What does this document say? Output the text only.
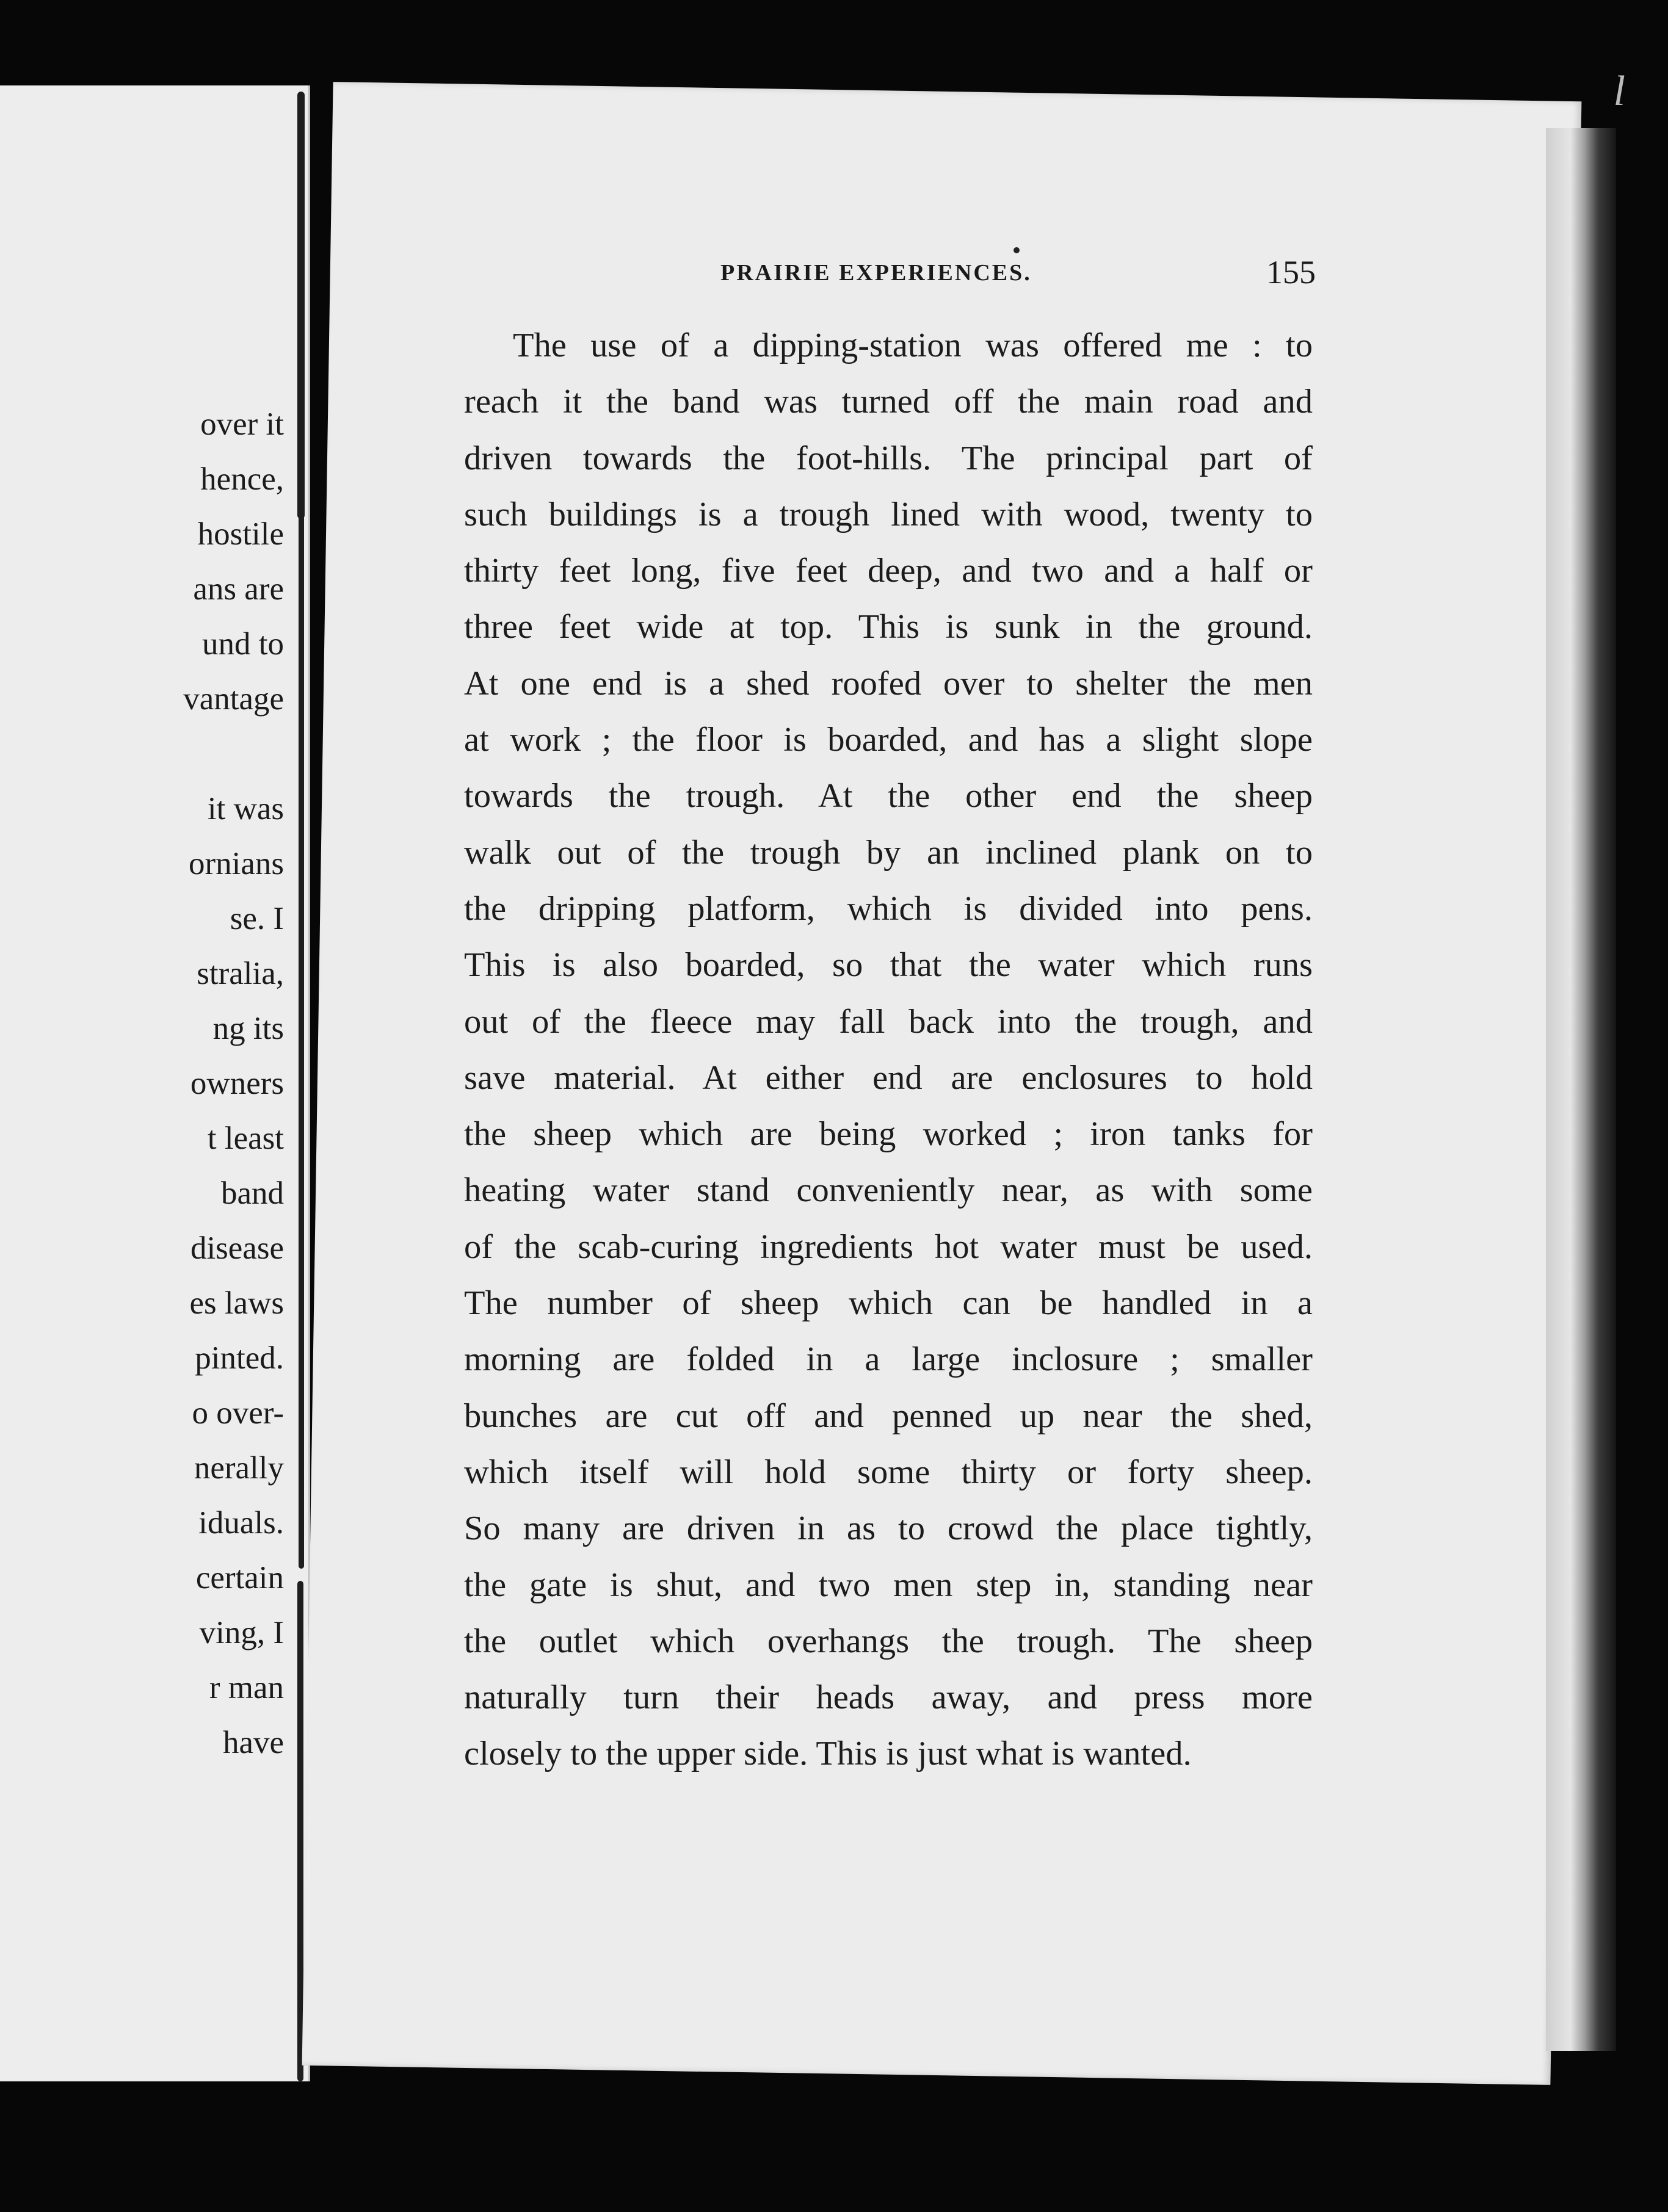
over it
hence,
hostile
ans are
und to
vantage
it was
ornians
se. I
stralia,
ng its
owners
t least
band
disease
es laws
pinted.
o over-
nerally
iduals.
certain
ving, I
r man
have
l
PRAIRIE EXPERIENCES.	155
The use of a dipping-station was offered me : to
reach it the band was turned off the main road and
driven towards the foot-hills. The principal part of
such buildings is a trough lined with wood, twenty to
thirty feet long, five feet deep, and two and a half or
three feet wide at top. This is sunk in the ground.
At one end is a shed roofed over to shelter the men
at work ; the floor is boarded, and has a slight slope
towards the trough. At the other end the sheep
walk out of the trough by an inclined plank on to
the dripping platform, which is divided into pens.
This is also boarded, so that the water which runs
out of the fleece may fall back into the trough, and
save material. At either end are enclosures to hold
the sheep which are being worked ; iron tanks for
heating water stand conveniently near, as with some
of the scab-curing ingredients hot water must be used.
The number of sheep which can be handled in a
morning are folded in a large inclosure ; smaller
bunches are cut off and penned up near the shed,
which itself will hold some thirty or forty sheep.
So many are driven in as to crowd the place tightly,
the gate is shut, and two men step in, standing near
the outlet which overhangs the trough. The sheep
naturally turn their heads away, and press more
closely to the upper side. This is just what is wanted.
